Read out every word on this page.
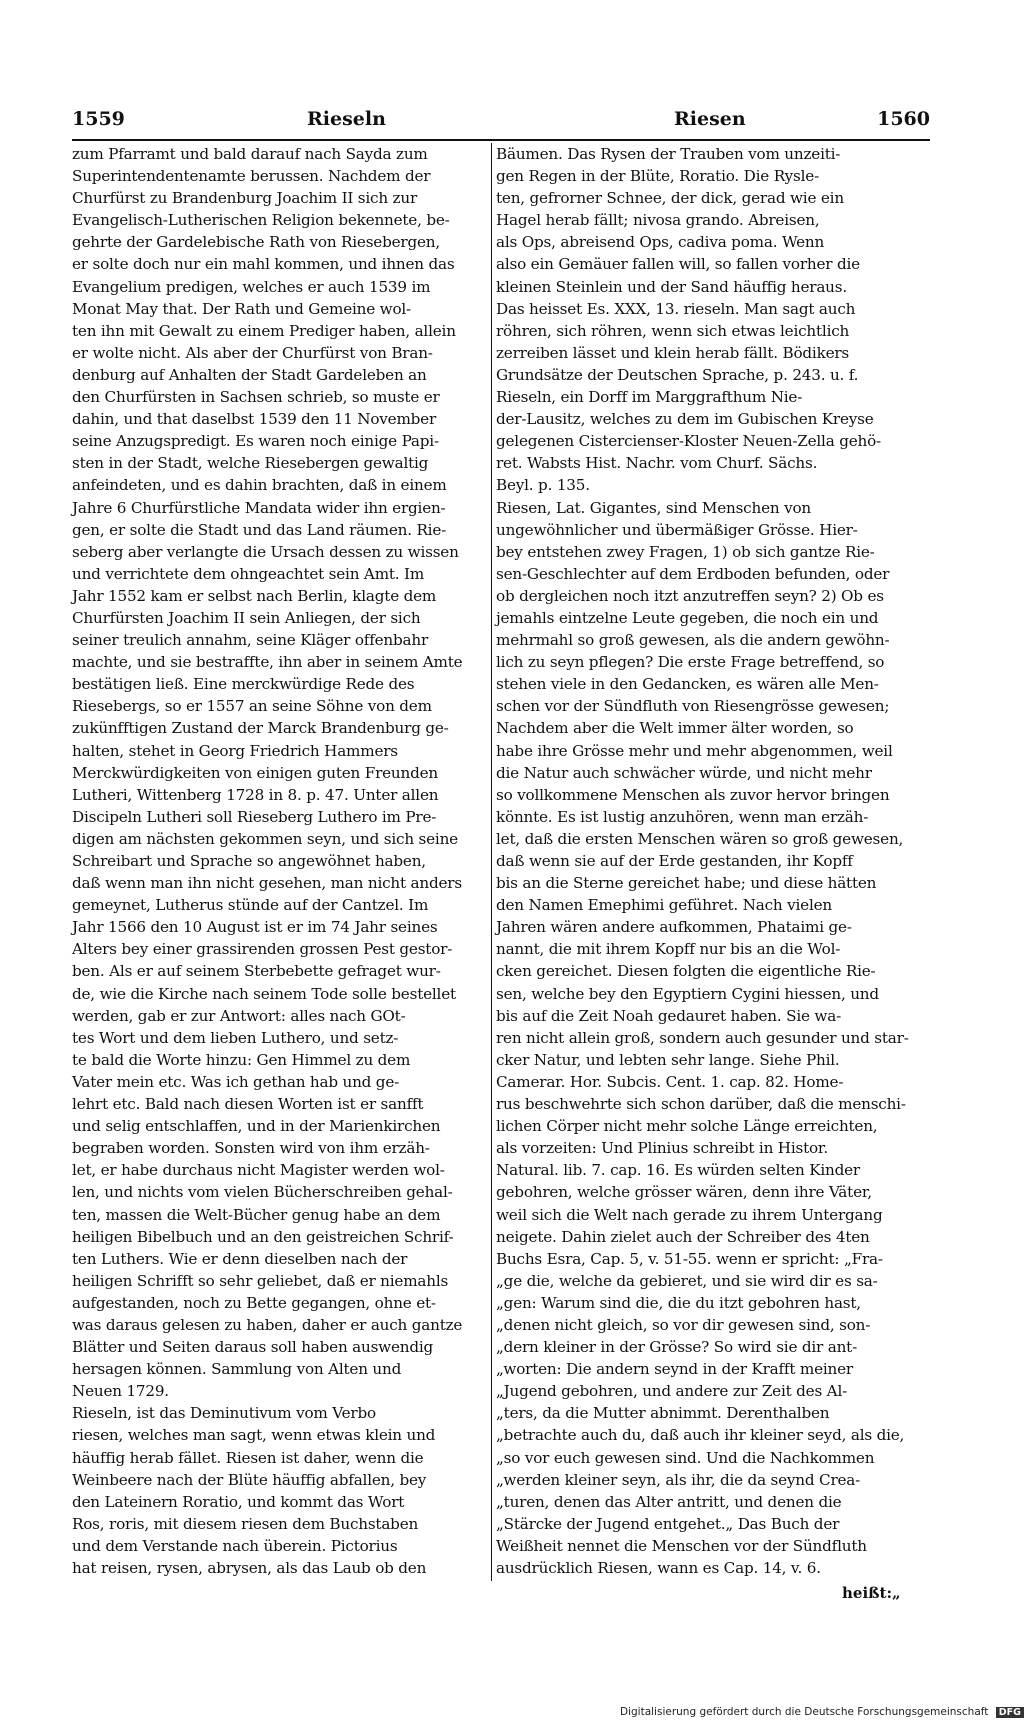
1559	Rieseln	Riesen	1560
zum Pfarramt und bald darauf nach Sayda zum
Superintendentenamte berussen. Nachdem der
Churfürst zu Brandenburg Joachim II sich zur
Evangelisch-Lutherischen Religion bekennete, be-
gehrte der Gardelebische Rath von Riesebergen,
er solte doch nur ein mahl kommen, und ihnen das
Evangelium predigen, welches er auch 1539 im
Monat May that. Der Rath und Gemeine wol-
ten ihn mit Gewalt zu einem Prediger haben, allein
er wolte nicht. Als aber der Churfürst von Bran-
denburg auf Anhalten der Stadt Gardeleben an
den Churfürsten in Sachsen schrieb, so muste er
dahin, und that daselbst 1539 den 11 November
seine Anzugspredigt. Es waren noch einige Papi-
sten in der Stadt, welche Riesebergen gewaltig
anfeindeten, und es dahin brachten, daß in einem
Jahre 6 Churfürstliche Mandata wider ihn ergien-
gen, er solte die Stadt und das Land räumen. Rie-
seberg aber verlangte die Ursach dessen zu wissen
und verrichtete dem ohngeachtet sein Amt. Im
Jahr 1552 kam er selbst nach Berlin, klagte dem
Churfürsten Joachim II sein Anliegen, der sich
seiner treulich annahm, seine Kläger offenbahr
machte, und sie bestraffte, ihn aber in seinem Amte
bestätigen ließ. Eine merckwürdige Rede des
Riesebergs, so er 1557 an seine Söhne von dem
zukünfftigen Zustand der Marck Brandenburg ge-
halten, stehet in Georg Friedrich Hammers
Merckwürdigkeiten von einigen guten Freunden
Lutheri, Wittenberg 1728 in 8. p. 47. Unter allen
Discipeln Lutheri soll Rieseberg Luthero im Pre-
digen am nächsten gekommen seyn, und sich seine
Schreibart und Sprache so angewöhnet haben,
daß wenn man ihn nicht gesehen, man nicht anders
gemeynet, Lutherus stünde auf der Cantzel. Im
Jahr 1566 den 10 August ist er im 74 Jahr seines
Alters bey einer grassirenden grossen Pest gestor-
ben. Als er auf seinem Sterbebette gefraget wur-
de, wie die Kirche nach seinem Tode solle bestellet
werden, gab er zur Antwort: alles nach GOt-
tes Wort und dem lieben Luthero, und setz-
te bald die Worte hinzu: Gen Himmel zu dem
Vater mein etc. Was ich gethan hab und ge-
lehrt etc. Bald nach diesen Worten ist er sanfft
und selig entschlaffen, und in der Marienkirchen
begraben worden. Sonsten wird von ihm erzäh-
let, er habe durchaus nicht Magister werden wol-
len, und nichts vom vielen Bücherschreiben gehal-
ten, massen die Welt-Bücher genug habe an dem
heiligen Bibelbuch und an den geistreichen Schrif-
ten Luthers. Wie er denn dieselben nach der
heiligen Schrifft so sehr geliebet, daß er niemahls
aufgestanden, noch zu Bette gegangen, ohne et-
was daraus gelesen zu haben, daher er auch gantze
Blätter und Seiten daraus soll haben auswendig
hersagen können. Sammlung von Alten und
Neuen 1729.
Rieseln, ist das Deminutivum vom Verbo
riesen, welches man sagt, wenn etwas klein und
häuffig herab fället. Riesen ist daher, wenn die
Weinbeere nach der Blüte häuffig abfallen, bey
den Lateinern Roratio, und kommt das Wort
Ros, roris, mit diesem riesen dem Buchstaben
und dem Verstande nach überein. Pictorius
hat reisen, rysen, abrysen, als das Laub ob den
Bäumen. Das Rysen der Trauben vom unzeiti-
gen Regen in der Blüte, Roratio. Die Rysle-
ten, gefrorner Schnee, der dick, gerad wie ein
Hagel herab fällt; nivosa grando. Abreisen,
als Ops, abreisend Ops, cadiva poma. Wenn
also ein Gemäuer fallen will, so fallen vorher die
kleinen Steinlein und der Sand häuffig heraus.
Das heisset Es. XXX, 13. rieseln. Man sagt auch
röhren, sich röhren, wenn sich etwas leichtlich
zerreiben lässet und klein herab fällt. Bödikers
Grundsätze der Deutschen Sprache, p. 243. u. f.
Rieseln, ein Dorff im Marggrafthum Nie-
der-Lausitz, welches zu dem im Gubischen Kreyse
gelegenen Cistercienser-Kloster Neuen-Zella gehö-
ret. Wabsts Hist. Nachr. vom Churf. Sächs.
Beyl. p. 135.
Riesen, Lat. Gigantes, sind Menschen von
ungewöhnlicher und übermäßiger Grösse. Hier-
bey entstehen zwey Fragen, 1) ob sich gantze Rie-
sen-Geschlechter auf dem Erdboden befunden, oder
ob dergleichen noch itzt anzutreffen seyn? 2) Ob es
jemahls eintzelne Leute gegeben, die noch ein und
mehrmahl so groß gewesen, als die andern gewöhn-
lich zu seyn pflegen? Die erste Frage betreffend, so
stehen viele in den Gedancken, es wären alle Men-
schen vor der Sündfluth von Riesengrösse gewesen;
Nachdem aber die Welt immer älter worden, so
habe ihre Grösse mehr und mehr abgenommen, weil
die Natur auch schwächer würde, und nicht mehr
so vollkommene Menschen als zuvor hervor bringen
könnte. Es ist lustig anzuhören, wenn man erzäh-
let, daß die ersten Menschen wären so groß gewesen,
daß wenn sie auf der Erde gestanden, ihr Kopff
bis an die Sterne gereichet habe; und diese hätten
den Namen Emephimi geführet. Nach vielen
Jahren wären andere aufkommen, Phataimi ge-
nannt, die mit ihrem Kopff nur bis an die Wol-
cken gereichet. Diesen folgten die eigentliche Rie-
sen, welche bey den Egyptiern Cygini hiessen, und
bis auf die Zeit Noah gedauret haben. Sie wa-
ren nicht allein groß, sondern auch gesunder und star-
cker Natur, und lebten sehr lange. Siehe Phil.
Camerar. Hor. Subcis. Cent. 1. cap. 82. Home-
rus beschwehrte sich schon darüber, daß die menschi-
lichen Cörper nicht mehr solche Länge erreichten,
als vorzeiten: Und Plinius schreibt in Histor.
Natural. lib. 7. cap. 16. Es würden selten Kinder
gebohren, welche grösser wären, denn ihre Väter,
weil sich die Welt nach gerade zu ihrem Untergang
neigete. Dahin zielet auch der Schreiber des 4ten
Buchs Esra, Cap. 5, v. 51-55. wenn er spricht: „Fra-
„ge die, welche da gebieret, und sie wird dir es sa-
„gen: Warum sind die, die du itzt gebohren hast,
„denen nicht gleich, so vor dir gewesen sind, son-
„dern kleiner in der Grösse? So wird sie dir ant-
„worten: Die andern seynd in der Krafft meiner
„Jugend gebohren, und andere zur Zeit des Al-
„ters, da die Mutter abnimmt. Derenthalben
„betrachte auch du, daß auch ihr kleiner seyd, als die,
„so vor euch gewesen sind. Und die Nachkommen
„werden kleiner seyn, als ihr, die da seynd Crea-
„turen, denen das Alter antritt, und denen die
„Stärcke der Jugend entgehet.„ Das Buch der
Weißheit nennet die Menschen vor der Sündfluth
ausdrücklich Riesen, wann es Cap. 14, v. 6.
heißt:„
Digitalisierung gefördert durch die Deutsche Forschungsgemeinschaft DFG
